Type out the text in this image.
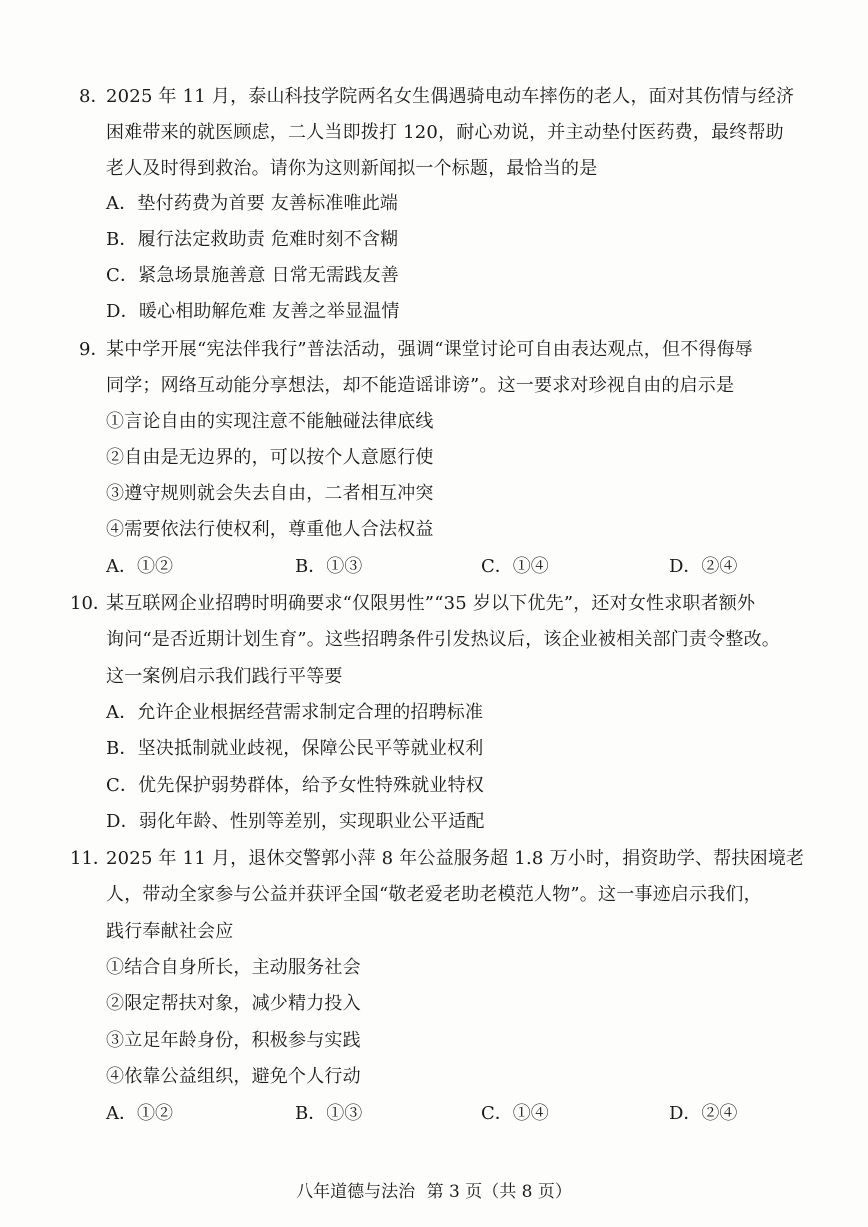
8．
2025 年 11 月，泰山科技学院两名女生偶遇骑电动车摔伤的老人，面对其伤情与经济
困难带来的就医顾虑，二人当即拨打 120，耐心劝说，并主动垫付医药费，最终帮助
老人及时得到救治。请你为这则新闻拟一个标题，最恰当的是
A．垫付药费为首要 友善标准唯此端
B．履行法定救助责 危难时刻不含糊
C．紧急场景施善意 日常无需践友善
D．暖心相助解危难 友善之举显温情
9．
某中学开展“宪法伴我行”普法活动，强调“课堂讨论可自由表达观点，但不得侮辱
同学；网络互动能分享想法，却不能造谣诽谤”。这一要求对珍视自由的启示是
①言论自由的实现注意不能触碰法律底线
②自由是无边界的，可以按个人意愿行使
③遵守规则就会失去自由，二者相互冲突
④需要依法行使权利，尊重他人合法权益
A．①②	B．①③	C．①④	D．②④
10．
某互联网企业招聘时明确要求“仅限男性”“35 岁以下优先”，还对女性求职者额外
询问“是否近期计划生育”。这些招聘条件引发热议后，该企业被相关部门责令整改。
这一案例启示我们践行平等要
A．允许企业根据经营需求制定合理的招聘标准
B．坚决抵制就业歧视，保障公民平等就业权利
C．优先保护弱势群体，给予女性特殊就业特权
D．弱化年龄、性别等差别，实现职业公平适配
11．
2025 年 11 月，退休交警郭小萍 8 年公益服务超 1.8 万小时，捐资助学、帮扶困境老
人，带动全家参与公益并获评全国“敬老爱老助老模范人物”。这一事迹启示我们，
践行奉献社会应
①结合自身所长，主动服务社会
②限定帮扶对象，减少精力投入
③立足年龄身份，积极参与实践
④依靠公益组织，避免个人行动
A．①②	B．①③	C．①④	D．②④
八年道德与法治 第 3 页（共 8 页）
